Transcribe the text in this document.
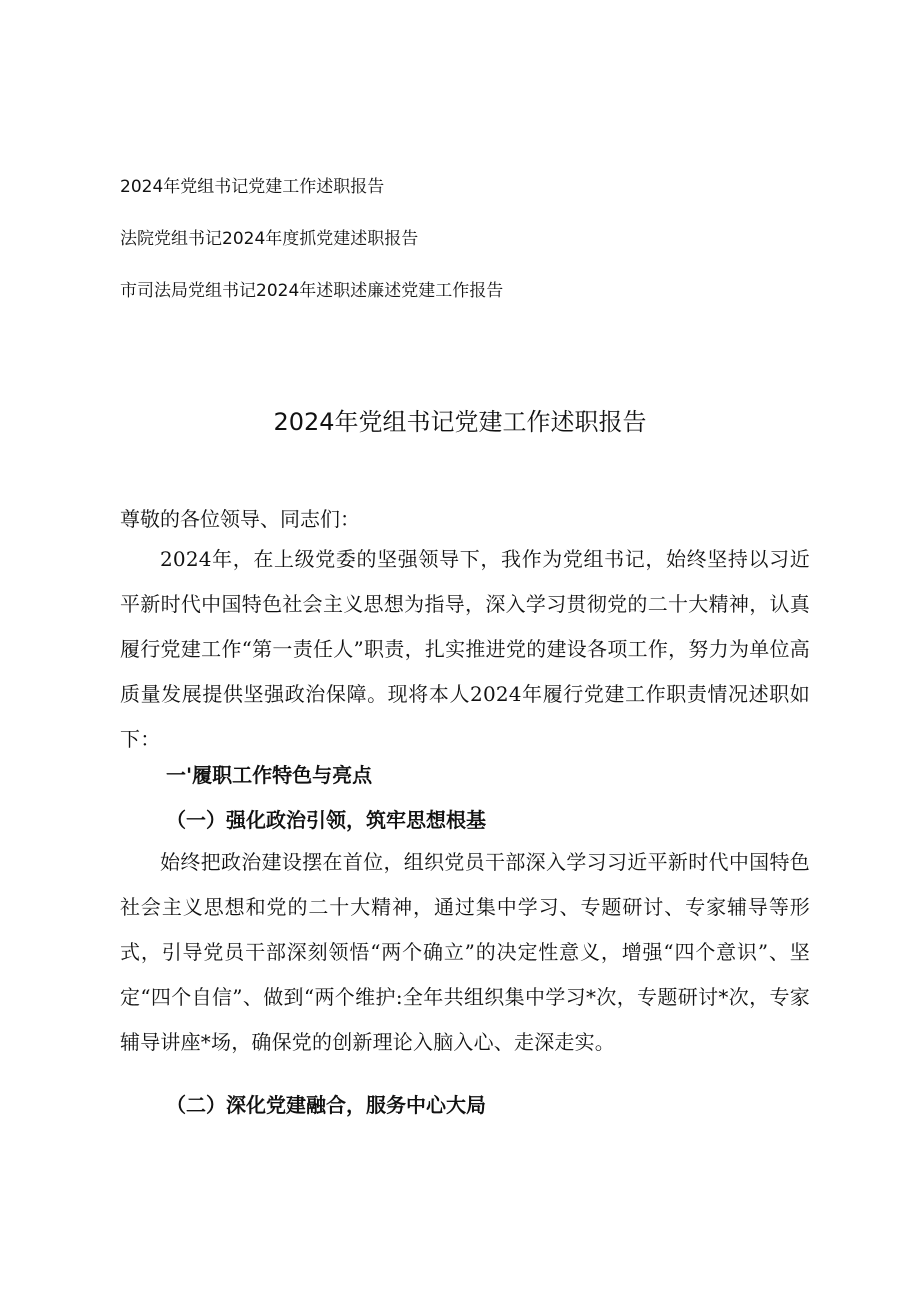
2024年党组书记党建工作述职报告
法院党组书记2024年度抓党建述职报告
市司法局党组书记2024年述职述廉述党建工作报告
2024年党组书记党建工作述职报告
尊敬的各位领导、同志们：
2024年，在上级党委的坚强领导下，我作为党组书记，始终坚持以习近平新时代中国特色社会主义思想为指导，深入学习贯彻党的二十大精神，认真履行党建工作“第一责任人”职责，扎实推进党的建设各项工作，努力为单位高质量发展提供坚强政治保障。现将本人2024年履行党建工作职责情况述职如下：
一'履职工作特色与亮点
（一）强化政治引领，筑牢思想根基
始终把政治建设摆在首位，组织党员干部深入学习习近平新时代中国特色社会主义思想和党的二十大精神，通过集中学习、专题研讨、专家辅导等形式，引导党员干部深刻领悟“两个确立”的决定性意义，增强“四个意识”、坚定“四个自信”、做到“两个维护:全年共组织集中学习*次，专题研讨*次，专家辅导讲座*场，确保党的创新理论入脑入心、走深走实。
（二）深化党建融合，服务中心大局
